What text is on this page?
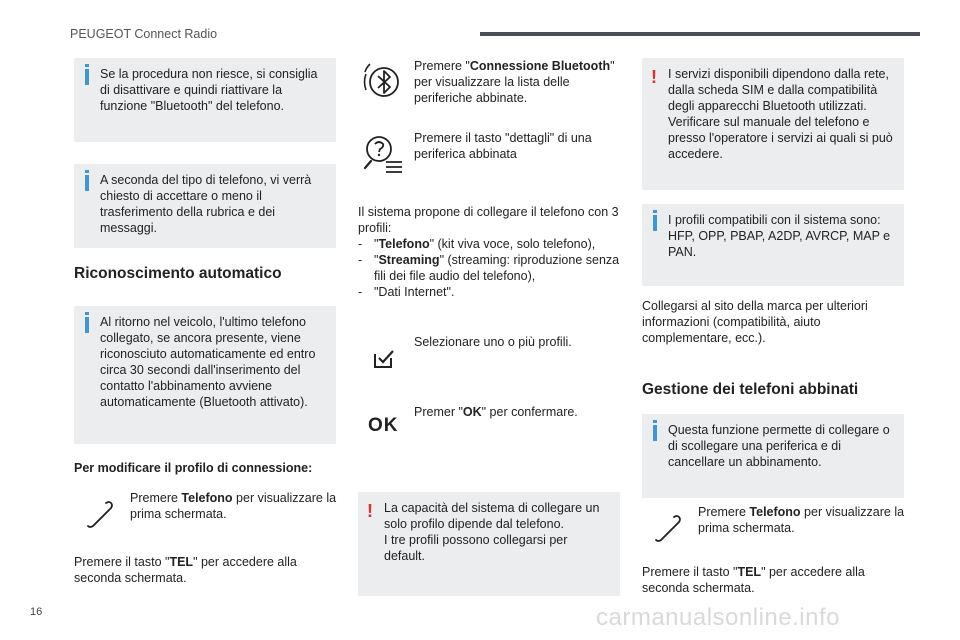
PEUGEOT Connect Radio
Se la procedura non riesce, si consiglia di disattivare e quindi riattivare la funzione "Bluetooth" del telefono.
A seconda del tipo di telefono, vi verrà chiesto di accettare o meno il trasferimento della rubrica e dei messaggi.
Riconoscimento automatico
Al ritorno nel veicolo, l'ultimo telefono collegato, se ancora presente, viene riconosciuto automaticamente ed entro circa 30 secondi dall'inserimento del contatto l'abbinamento avviene automaticamente (Bluetooth attivato).
Per modificare il profilo di connessione:
Premere Telefono per visualizzare la prima schermata.
Premere il tasto "TEL" per accedere alla seconda schermata.
Premere "Connessione Bluetooth" per visualizzare la lista delle periferiche abbinate.
Premere il tasto "dettagli" di una periferica abbinata
Il sistema propone di collegare il telefono con 3 profili:
- "Telefono" (kit viva voce, solo telefono),
- "Streaming" (streaming: riproduzione senza fili dei file audio del telefono),
- "Dati Internet".
Selezionare uno o più profili.
OK
Premer "OK" per confermare.
! La capacità del sistema di collegare un solo profilo dipende dal telefono.
I tre profili possono collegarsi per default.
! I servizi disponibili dipendono dalla rete, dalla scheda SIM e dalla compatibilità degli apparecchi Bluetooth utilizzati. Verificare sul manuale del telefono e presso l'operatore i servizi ai quali si può accedere.
I profili compatibili con il sistema sono: HFP, OPP, PBAP, A2DP, AVRCP, MAP e PAN.
Collegarsi al sito della marca per ulteriori informazioni (compatibilità, aiuto complementare, ecc.).
Gestione dei telefoni abbinati
Questa funzione permette di collegare o di scollegare una periferica e di cancellare un abbinamento.
Premere Telefono per visualizzare la prima schermata.
Premere il tasto "TEL" per accedere alla seconda schermata.
16	carmanualsonline.info
